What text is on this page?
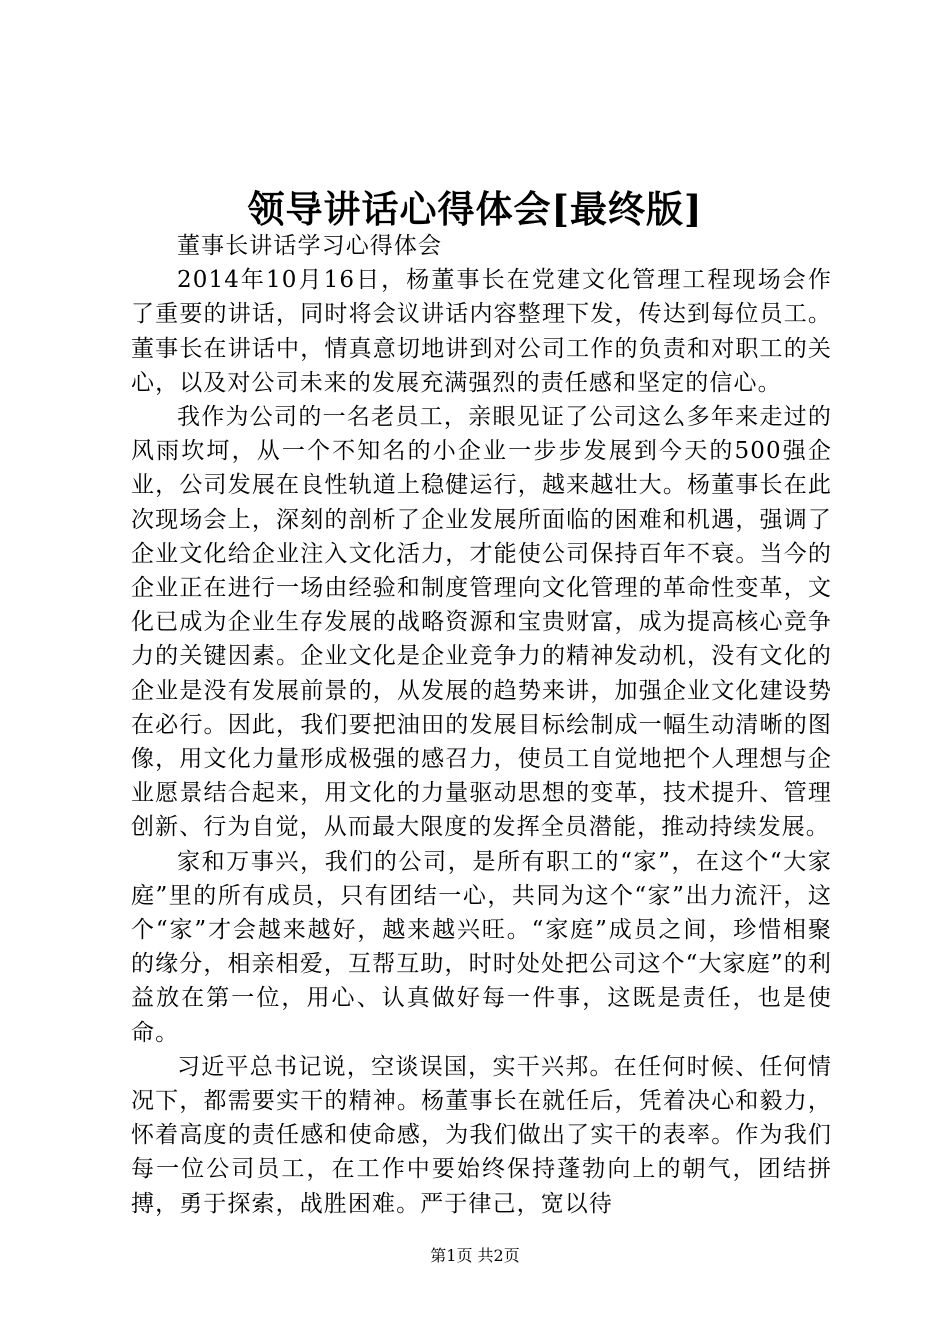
领导讲话心得体会[最终版]

董事长讲话学习心得体会

2014年10月16日，杨董事长在党建文化管理工程现场会作了重要的讲话，同时将会议讲话内容整理下发，传达到每位员工。董事长在讲话中，情真意切地讲到对公司工作的负责和对职工的关心，以及对公司未来的发展充满强烈的责任感和坚定的信心。

我作为公司的一名老员工，亲眼见证了公司这么多年来走过的风雨坎坷，从一个不知名的小企业一步步发展到今天的500强企业，公司发展在良性轨道上稳健运行，越来越壮大。杨董事长在此次现场会上，深刻的剖析了企业发展所面临的困难和机遇，强调了企业文化给企业注入文化活力，才能使公司保持百年不衰。当今的企业正在进行一场由经验和制度管理向文化管理的革命性变革，文化已成为企业生存发展的战略资源和宝贵财富，成为提高核心竞争力的关键因素。企业文化是企业竞争力的精神发动机，没有文化的企业是没有发展前景的，从发展的趋势来讲，加强企业文化建设势在必行。因此，我们要把油田的发展目标绘制成一幅生动清晰的图像，用文化力量形成极强的感召力，使员工自觉地把个人理想与企业愿景结合起来，用文化的力量驱动思想的变革，技术提升、管理创新、行为自觉，从而最大限度的发挥全员潜能，推动持续发展。

家和万事兴，我们的公司，是所有职工的“家”，在这个“大家庭”里的所有成员，只有团结一心，共同为这个“家”出力流汗，这个“家”才会越来越好，越来越兴旺。“家庭”成员之间，珍惜相聚的缘分，相亲相爱，互帮互助，时时处处把公司这个“大家庭”的利益放在第一位，用心、认真做好每一件事，这既是责任，也是使命。

习近平总书记说，空谈误国，实干兴邦。在任何时候、任何情况下，都需要实干的精神。杨董事长在就任后，凭着决心和毅力，怀着高度的责任感和使命感，为我们做出了实干的表率。作为我们每一位公司员工，在工作中要始终保持蓬勃向上的朝气，团结拼搏，勇于探索，战胜困难。严于律己，宽以待

第1页 共2页
